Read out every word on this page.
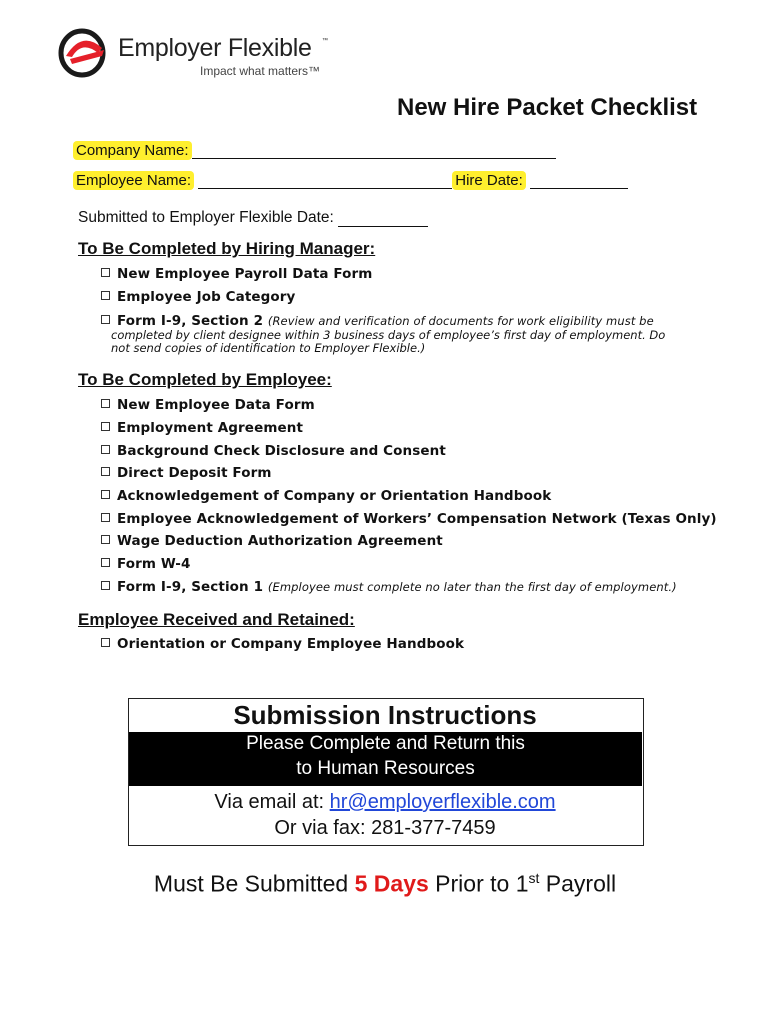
Employer Flexible ™
Impact what matters™
New Hire Packet Checklist
Company Name:
Employee Name:	Hire Date:
Submitted to Employer Flexible Date:
To Be Completed by Hiring Manager:
New Employee Payroll Data Form
Employee Job Category
Form I-9, Section 2 (Review and verification of documents for work eligibility must be
completed by client designee within 3 business days of employee’s first day of employment. Do
not send copies of identification to Employer Flexible.)
To Be Completed by Employee:
New Employee Data Form
Employment Agreement
Background Check Disclosure and Consent
Direct Deposit Form
Acknowledgement of Company or Orientation Handbook
Employee Acknowledgement of Workers’ Compensation Network (Texas Only)
Wage Deduction Authorization Agreement
Form W-4
Form I-9, Section 1 (Employee must complete no later than the first day of employment.)
Employee Received and Retained:
Orientation or Company Employee Handbook
Submission Instructions
Please Complete and Return this
to Human Resources
Via email at: hr@employerflexible.com
Or via fax: 281-377-7459
Must Be Submitted 5 Days Prior to 1st Payroll
